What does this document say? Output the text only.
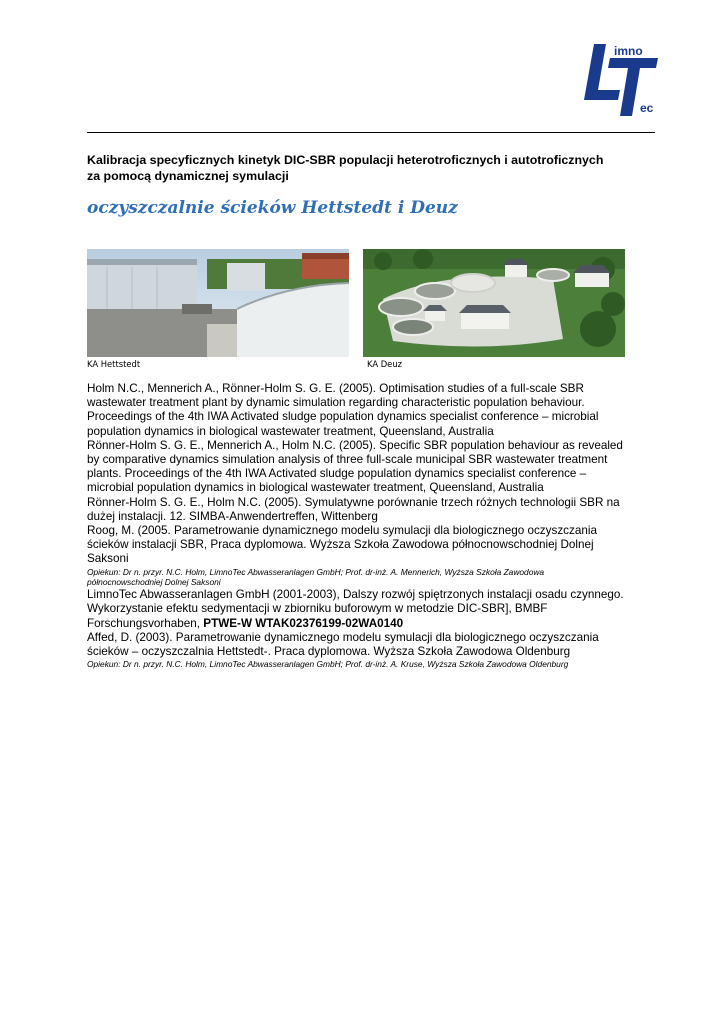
imno
ec
Kalibracja specyficznych kinetyk DIC-SBR populacji heterotroficznych i autotroficznych
za pomocą dynamicznej symulacji
oczyszczalnie ścieków Hettstedt i Deuz
KA Hettstedt	KA Deuz

Holm N.C., Mennerich A., Rönner-Holm S. G. E. (2005). Optimisation studies of a full-scale SBR
wastewater treatment plant by dynamic simulation regarding characteristic population behaviour.
Proceedings of the 4th IWA Activated sludge population dynamics specialist conference – microbial
population dynamics in biological wastewater treatment, Queensland, Australia

Rönner-Holm S. G. E., Mennerich A., Holm N.C. (2005). Specific SBR population behaviour as revealed
by comparative dynamics simulation analysis of three full-scale municipal SBR wastewater treatment
plants. Proceedings of the 4th IWA Activated sludge population dynamics specialist conference –
microbial population dynamics in biological wastewater treatment, Queensland, Australia

Rönner-Holm S. G. E., Holm N.C. (2005). Symulatywne porównanie trzech różnych technologii SBR na
dużej instalacji. 12. SIMBA-Anwendertreffen, Wittenberg

Roog, M. (2005. Parametrowanie dynamicznego modelu symulacji dla biologicznego oczyszczania
ścieków instalacji SBR, Praca dyplomowa. Wyższa Szkoła Zawodowa północnowschodniej Dolnej
Saksoni

Opiekun: Dr n. przyr. N.C. Holm, LimnoTec Abwasseranlagen GmbH; Prof. dr-inż. A. Mennerich, Wyższa Szkoła Zawodowa
północnowschodniej Dolnej Saksoni

LimnoTec Abwasseranlagen GmbH (2001-2003), Dalszy rozwój spiętrzonych instalacji osadu czynnego.
Wykorzystanie efektu sedymentacji w zbiorniku buforowym w metodzie DIC-SBR], BMBF
Forschungsvorhaben, PTWE-W WTAK02376199-02WA0140

Affed, D. (2003). Parametrowanie dynamicznego modelu symulacji dla biologicznego oczyszczania
ścieków – oczyszczalnia Hettstedt-. Praca dyplomowa. Wyższa Szkoła Zawodowa Oldenburg

Opiekun: Dr n. przyr. N.C. Holm, LimnoTec Abwasseranlagen GmbH; Prof. dr-inż. A. Kruse, Wyższa Szkoła Zawodowa Oldenburg
